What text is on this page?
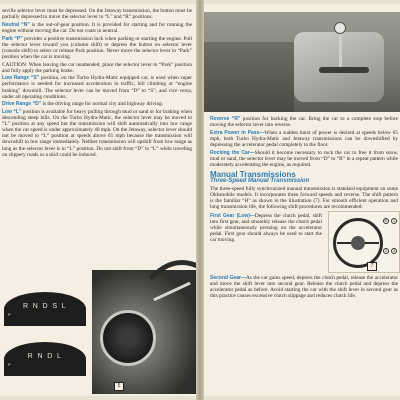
seville selector lever must be depressed. On the Jetaway transmission, the button must be partially depressed to move the selector lever to “L” and “R” positions.

Neutral “N” is the out-of-gear position. It is provided for starting and for running the engine without moving the car. Do not coast in neutral.

Park “P” provides a positive transmission lock when parking or starting the engine. Pull the selector lever toward you (column shift) or depress the button on selector lever (console shift) to select or release Park position. Never move the selector lever to “Park” position when the car is moving.

CAUTION: When leaving the car unattended, place the selector lever in “Park” position and fully apply the parking brake.

Low Range “S” position, on the Turbo Hydra-Matic equipped car, is used when super performance is needed for increased acceleration in traffic, hill climbing or “engine braking” downhill. The selector lever can be moved from “D” to “S”, and vice versa, under all operating conditions.

Drive Range “D” is the driving range for normal city and highway driving.

Low “L” position is available for heavy pulling through mud or sand or for braking when descending steep hills. On the Turbo Hydra-Matic, the selector lever may be moved to “L” position at any speed but the transmission will shift automatically into low range when the car speed is under approximately 40 mph. On the Jetaway, selector lever should not be moved to “L” position at speeds above 65 mph because the transmission will downshift to low range immediately. Neither transmission will upshift from low range as long as the selector lever is in “L” position. Do not shift from “D” to “L” while traveling on slippery roads or a skid could be induced.

R N D S L
P
R N D L
P
5

Reverse “R” position for backing the car. Bring the car to a complete stop before moving the selector lever into reverse.

Extra Power in Pass—When a sudden burst of power is desired at speeds below 65 mph, both Turbo Hydra-Matic and Jetaway transmissions can be downshifted by depressing the accelerator pedal completely to the floor.

Rocking the Car—Should it become necessary to rock the car to free it from snow, mud or sand, the selector lever may be moved from “D” to “R” in a repeat pattern while moderately accelerating the engine, as required.

Manual Transmissions
Three-Speed Manual Transmission

The three-speed fully synchronized manual transmission is standard equipment on some Oldsmobile models. It incorporates three forward speeds and reverse. The shift pattern is the familiar “H” as shown in the illustration (7). For smooth efficient operation and long transmission life, the following shift procedures are recommended:

First Gear (Low)—Depress the clutch pedal, shift into first gear, and smoothly release the clutch pedal while simultaneously pressing on the accelerator pedal. First gear should always be used to start the car moving.

R	1
2	3
7

Second Gear—As the car gains speed, depress the clutch pedal, release the accelerator and move the shift lever into second gear. Release the clutch pedal and depress the accelerator pedal as before. Avoid starting the car with the shift lever in second gear as this practice causes excessive clutch slippage and reduces clutch life.
